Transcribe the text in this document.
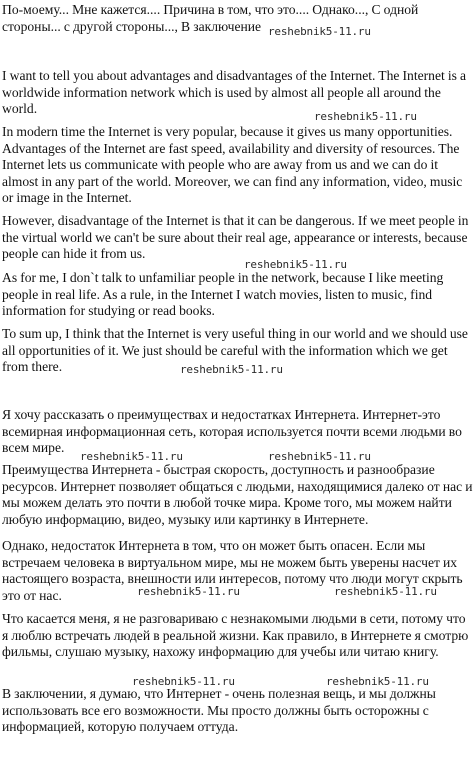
По-моему... Мне кажется.... Причина в том, что это.... Однако..., С одной стороны... с другой стороны..., В заключение

I want to tell you about advantages and disadvantages of the Internet. The Internet is a worldwide information network which is used by almost all people all around the world.

In modern time the Internet is very popular, because it gives us many opportunities. Advantages of the Internet are fast speed, availability and diversity of resources. The Internet lets us communicate with people who are away from us and we can do it almost in any part of the world. Moreover, we can find any information, video, music or image in the Internet.

However, disadvantage of the Internet is that it can be dangerous. If we meet people in the virtual world we can't be sure about their real age, appearance or interests, because people can hide it from us.

As for me, I don`t talk to unfamiliar people in the network, because I like meeting people in real life. As a rule, in the Internet I watch movies, listen to music, find information for studying or read books.

To sum up, I think that the Internet is very useful thing in our world and we should use all opportunities of it. We just should be careful with the information which we get from there.

Я хочу рассказать о преимуществах и недостатках Интернета. Интернет-это всемирная информационная сеть, которая используется почти всеми людьми во всем мире.

Преимущества Интернета - быстрая скорость, доступность и разнообразие ресурсов. Интернет позволяет общаться с людьми, находящимися далеко от нас и мы можем делать это почти в любой точке мира. Кроме того, мы можем найти любую информацию, видео, музыку или картинку в Интернете.

Однако, недостаток Интернета в том, что он может быть опасен. Если мы встречаем человека в виртуальном мире, мы не можем быть уверены насчет их настоящего возраста, внешности или интересов, потому что люди могут скрыть это от нас.

Что касается меня, я не разговариваю с незнакомыми людьми в сети, потому что я люблю встречать людей в реальной жизни. Как правило, в Интернете я смотрю фильмы, слушаю музыку, нахожу информацию для учебы или читаю книгу.

В заключении, я думаю, что Интернет - очень полезная вещь, и мы должны использовать все его возможности. Мы просто должны быть осторожны с информацией, которую получаем оттуда.

reshebnik5-11.ru
reshebnik5-11.ru
reshebnik5-11.ru
reshebnik5-11.ru
reshebnik5-11.ru	reshebnik5-11.ru
reshebnik5-11.ru	reshebnik5-11.ru
reshebnik5-11.ru	reshebnik5-11.ru
